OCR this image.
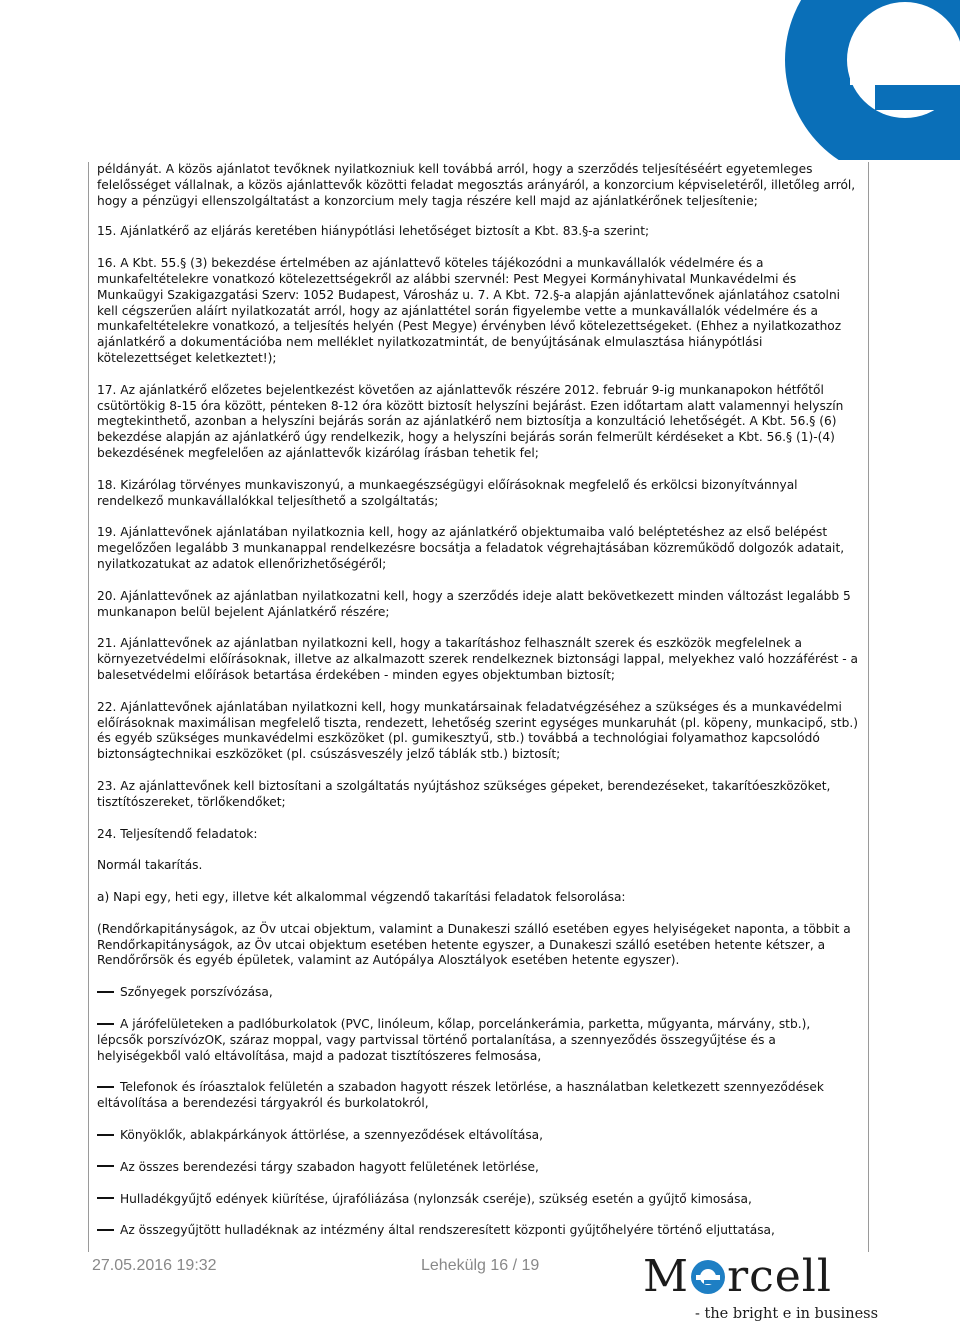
példányát. A közös ajánlatot tevőknek nyilatkozniuk kell továbbá arról, hogy a szerződés teljesítéséért egyetemleges felelősséget vállalnak, a közös ajánlattevők közötti feladat megosztás arányáról, a konzorcium képviseletéről, illetőleg arról, hogy a pénzügyi ellenszolgáltatást a konzorcium mely tagja részére kell majd az ajánlatkérőnek teljesítenie;

15. Ajánlatkérő az eljárás keretében hiánypótlási lehetőséget biztosít a Kbt. 83.§-a szerint;

16. A Kbt. 55.§ (3) bekezdése értelmében az ajánlattevő köteles tájékozódni a munkavállalók védelmére és a munkafeltételekre vonatkozó kötelezettségekről az alábbi szervnél: Pest Megyei Kormányhivatal Munkavédelmi és Munkaügyi Szakigazgatási Szerv: 1052 Budapest, Városház u. 7. A Kbt. 72.§-a alapján ajánlattevőnek ajánlatához csatolni kell cégszerűen aláírt nyilatkozatát arról, hogy az ajánlattétel során figyelembe vette a munkavállalók védelmére és a munkafeltételekre vonatkozó, a teljesítés helyén (Pest Megye) érvényben lévő kötelezettségeket. (Ehhez a nyilatkozathoz ajánlatkérő a dokumentációba nem melléklet nyilatkozatmintát, de benyújtásának elmulasztása hiánypótlási kötelezettséget keletkeztet!);

17. Az ajánlatkérő előzetes bejelentkezést követően az ajánlattevők részére 2012. február 9-ig munkanapokon hétfőtől csütörtökig 8-15 óra között, pénteken 8-12 óra között biztosít helyszíni bejárást. Ezen időtartam alatt valamennyi helyszín megtekinthető, azonban a helyszíni bejárás során az ajánlatkérő nem biztosítja a konzultáció lehetőségét. A Kbt. 56.§ (6) bekezdése alapján az ajánlatkérő úgy rendelkezik, hogy a helyszíni bejárás során felmerült kérdéseket a Kbt. 56.§ (1)-(4) bekezdésének megfelelően az ajánlattevők kizárólag írásban tehetik fel;

18. Kizárólag törvényes munkaviszonyú, a munkaegészségügyi előírásoknak megfelelő és erkölcsi bizonyítvánnyal rendelkező munkavállalókkal teljesíthető a szolgáltatás;

19. Ajánlattevőnek ajánlatában nyilatkoznia kell, hogy az ajánlatkérő objektumaiba való beléptetéshez az első belépést megelőzően legalább 3 munkanappal rendelkezésre bocsátja a feladatok végrehajtásában közreműködő dolgozók adatait, nyilatkozatukat az adatok ellenőrizhetőségéről;

20. Ajánlattevőnek az ajánlatban nyilatkozatni kell, hogy a szerződés ideje alatt bekövetkezett minden változást legalább 5 munkanapon belül bejelent Ajánlatkérő részére;

21. Ajánlattevőnek az ajánlatban nyilatkozni kell, hogy a takarításhoz felhasznált szerek és eszközök megfelelnek a környezetvédelmi előírásoknak, illetve az alkalmazott szerek rendelkeznek biztonsági lappal, melyekhez való hozzáférést - a balesetvédelmi előírások betartása érdekében - minden egyes objektumban biztosít;

22. Ajánlattevőnek ajánlatában nyilatkozni kell, hogy munkatársainak feladatvégzéséhez a szükséges és a munkavédelmi előírásoknak maximálisan megfelelő tiszta, rendezett, lehetőség szerint egységes munkaruhát (pl. köpeny, munkacipő, stb.) és egyéb szükséges munkavédelmi eszközöket (pl. gumikesztyű, stb.) továbbá a technológiai folyamathoz kapcsolódó biztonságtechnikai eszközöket (pl. csúszásveszély jelző táblák stb.) biztosít;

23. Az ajánlattevőnek kell biztosítani a szolgáltatás nyújtáshoz szükséges gépeket, berendezéseket, takarítóeszközöket, tisztítószereket, törlőkendőket;

24. Teljesítendő feladatok:

Normál takarítás.

a) Napi egy, heti egy, illetve két alkalommal végzendő takarítási feladatok felsorolása:

(Rendőrkapitányságok, az Öv utcai objektum, valamint a Dunakeszi szálló esetében egyes helyiségeket naponta, a többit a Rendőrkapitányságok, az Öv utcai objektum esetében hetente egyszer, a Dunakeszi szálló esetében hetente kétszer, a Rendőrőrsök és egyéb épületek, valamint az Autópálya Alosztályok esetében hetente egyszer).

Szőnyegek porszívózása,

A járófelületeken a padlóburkolatok (PVC, linóleum, kőlap, porcelánkerámia, parketta, műgyanta, márvány, stb.), lépcsők porszívózOK, száraz moppal, vagy partvissal történő portalanítása, a szennyeződés összegyűjtése és a helyiségekből való eltávolítása, majd a padozat tisztítószeres felmosása,

Telefonok és íróasztalok felületén a szabadon hagyott részek letörlése, a használatban keletkezett szennyeződések eltávolítása a berendezési tárgyakról és burkolatokról,

Könyöklők, ablakpárkányok áttörlése, a szennyeződések eltávolítása,

Az összes berendezési tárgy szabadon hagyott felületének letörlése,

Hulladékgyűjtő edények kiürítése, újrafóliázása (nylonzsák cseréje), szükség esetén a gyűjtő kimosása,

Az összegyűjtött hulladéknak az intézmény által rendszeresített központi gyűjtőhelyére történő eljuttatása,

27.05.2016 19:32	Lehekülg 16 / 19 M rcell
- the bright e in business
